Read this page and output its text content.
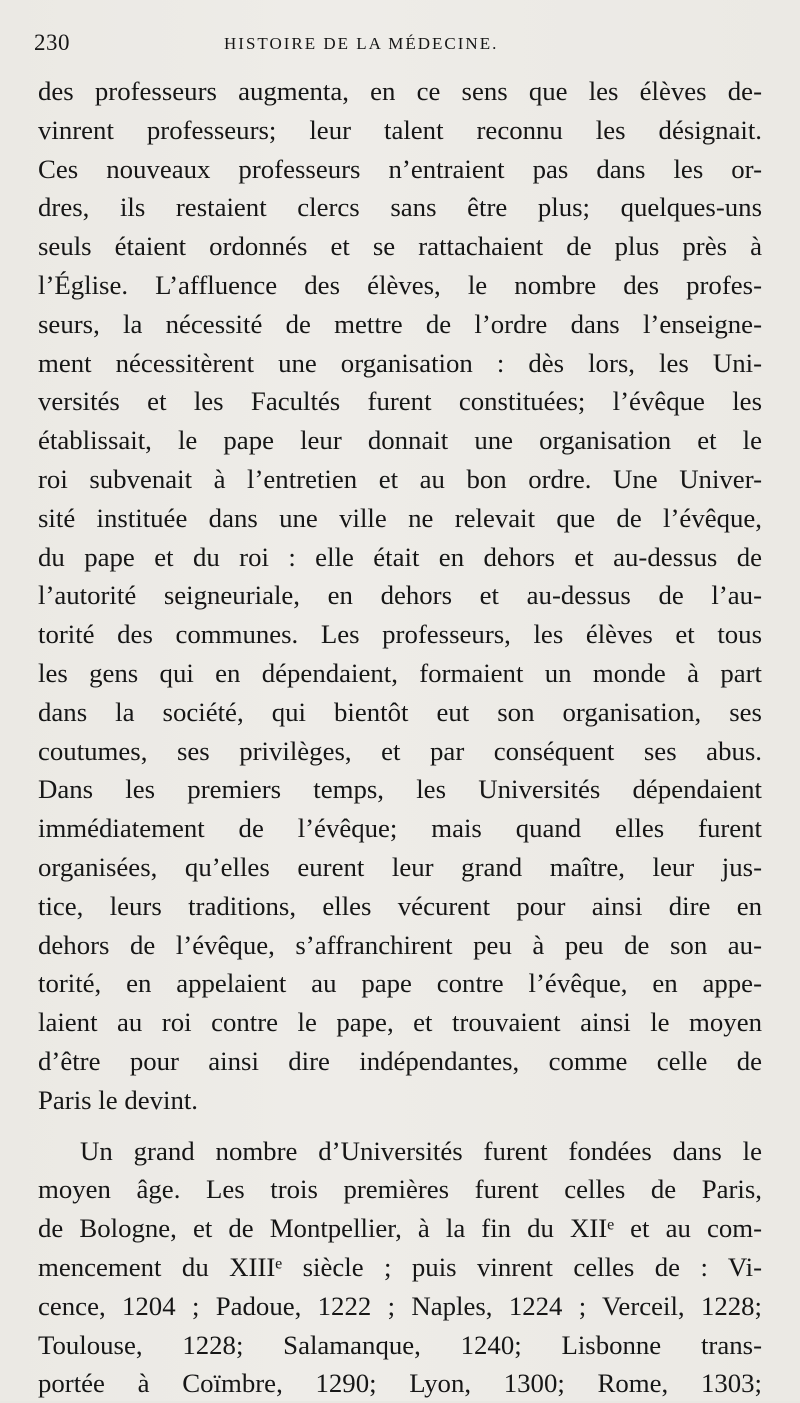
230	HISTOIRE DE LA MÉDECINE.
des professeurs augmenta, en ce sens que les élèves de-
vinrent professeurs; leur talent reconnu les désignait.
Ces nouveaux professeurs n’entraient pas dans les or-
dres, ils restaient clercs sans être plus; quelques-uns
seuls étaient ordonnés et se rattachaient de plus près à
l’Église. L’affluence des élèves, le nombre des profes-
seurs, la nécessité de mettre de l’ordre dans l’enseigne-
ment nécessitèrent une organisation : dès lors, les Uni-
versités et les Facultés furent constituées; l’évêque les
établissait, le pape leur donnait une organisation et le
roi subvenait à l’entretien et au bon ordre. Une Univer-
sité instituée dans une ville ne relevait que de l’évêque,
du pape et du roi : elle était en dehors et au-dessus de
l’autorité seigneuriale, en dehors et au-dessus de l’au-
torité des communes. Les professeurs, les élèves et tous
les gens qui en dépendaient, formaient un monde à part
dans la société, qui bientôt eut son organisation, ses
coutumes, ses privilèges, et par conséquent ses abus.
Dans les premiers temps, les Universités dépendaient
immédiatement de l’évêque; mais quand elles furent
organisées, qu’elles eurent leur grand maître, leur jus-
tice, leurs traditions, elles vécurent pour ainsi dire en
dehors de l’évêque, s’affranchirent peu à peu de son au-
torité, en appelaient au pape contre l’évêque, en appe-
laient au roi contre le pape, et trouvaient ainsi le moyen
d’être pour ainsi dire indépendantes, comme celle de
Paris le devint.
Un grand nombre d’Universités furent fondées dans le
moyen âge. Les trois premières furent celles de Paris,
de Bologne, et de Montpellier, à la fin du XIIᵉ et au com-
mencement du XIIIᵉ siècle ; puis vinrent celles de : Vi-
cence, 1204 ; Padoue, 1222 ; Naples, 1224 ; Verceil, 1228;
Toulouse, 1228; Salamanque, 1240; Lisbonne trans-
portée à Coïmbre, 1290; Lyon, 1300; Rome, 1303;
